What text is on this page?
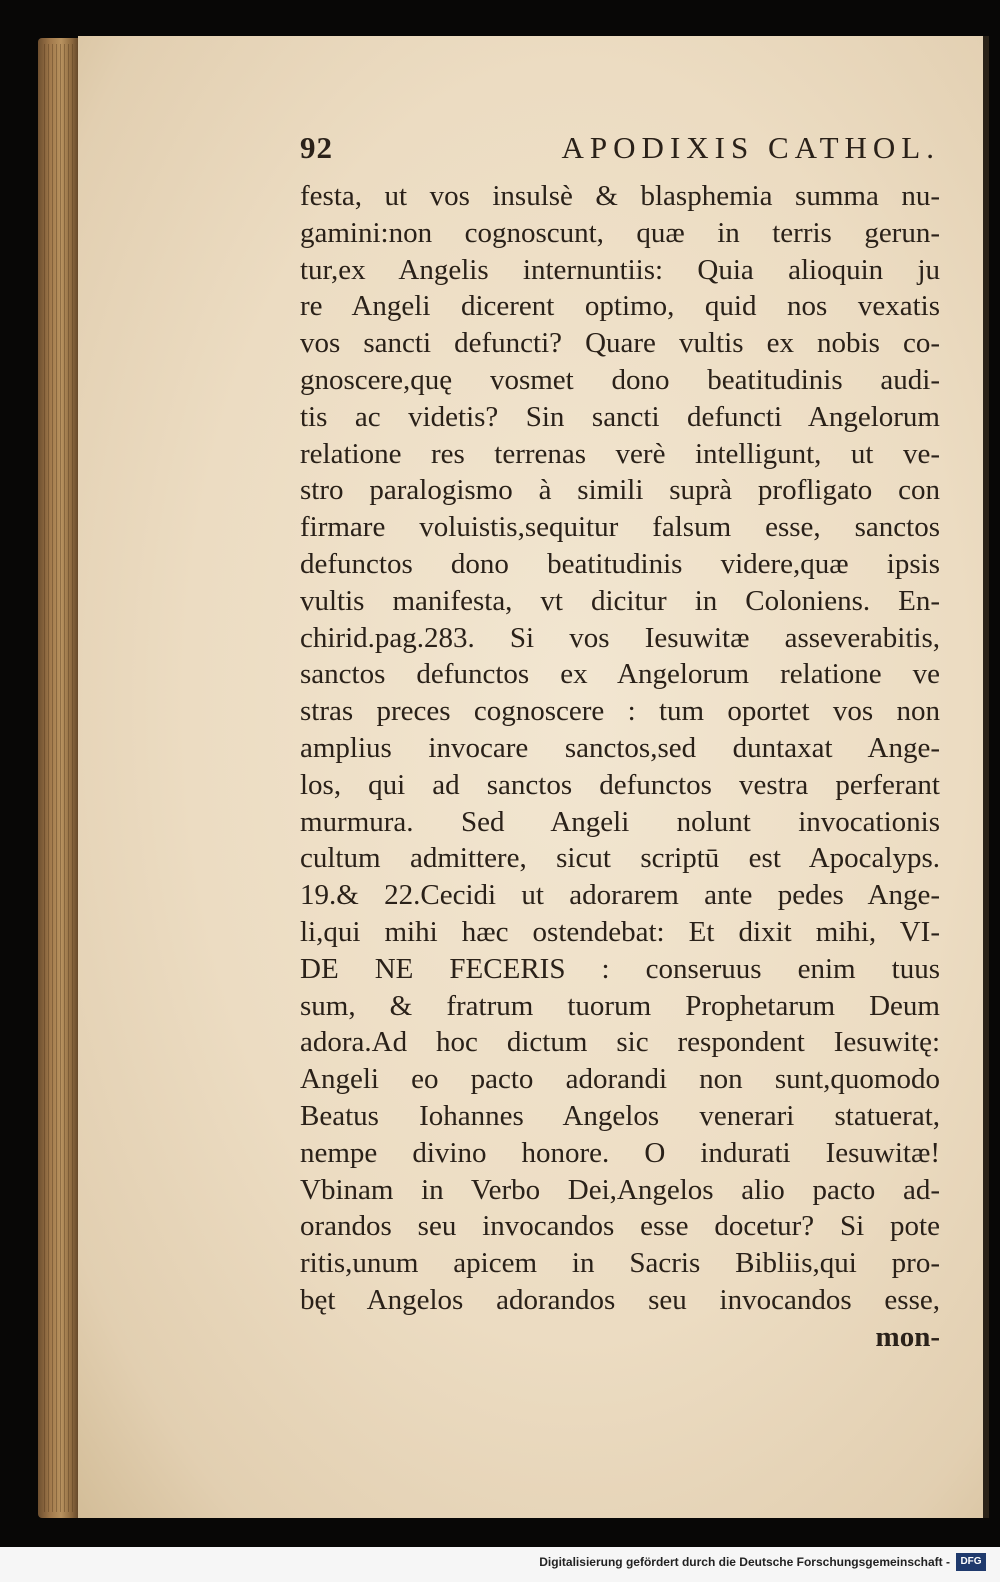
92	APODIXIS CATHOL.
festa, ut vos insulsè & blasphemia summa nu-
gamini:non cognoscunt, quæ in terris gerun-
tur,ex Angelis internuntiis: Quia alioquin ju
re Angeli dicerent optimo, quid nos vexatis
vos sancti defuncti? Quare vultis ex nobis co-
gnoscere,quę vosmet dono beatitudinis audi-
tis ac videtis? Sin sancti defuncti Angelorum
relatione res terrenas verè intelligunt, ut ve-
stro paralogismo à simili suprà profligato con
firmare voluistis,sequitur falsum esse, sanctos
defunctos dono beatitudinis videre,quæ ipsis
vultis manifesta, vt dicitur in Coloniens. En-
chirid.pag.283. Si vos Iesuwitæ asseverabitis,
sanctos defunctos ex Angelorum relatione ve
stras preces cognoscere : tum oportet vos non
amplius invocare sanctos,sed duntaxat Ange-
los, qui ad sanctos defunctos vestra perferant
murmura. Sed Angeli nolunt invocationis
cultum admittere, sicut scriptū est Apocalyps.
19.& 22.Cecidi ut adorarem ante pedes Ange-
li,qui mihi hæc ostendebat: Et dixit mihi, VI-
DE NE FECERIS : conseruus enim tuus
sum, & fratrum tuorum Prophetarum Deum
adora.Ad hoc dictum sic respondent Iesuwitę:
Angeli eo pacto adorandi non sunt,quomodo
Beatus Iohannes Angelos venerari statuerat,
nempe divino honore. O indurati Iesuwitæ!
Vbinam in Verbo Dei,Angelos alio pacto ad-
orandos seu invocandos esse docetur? Si pote
ritis,unum apicem in Sacris Bibliis,qui pro-
bęt Angelos adorandos seu invocandos esse,
mon-
Digitalisierung gefördert durch die Deutsche Forschungsgemeinschaft -	DFG
